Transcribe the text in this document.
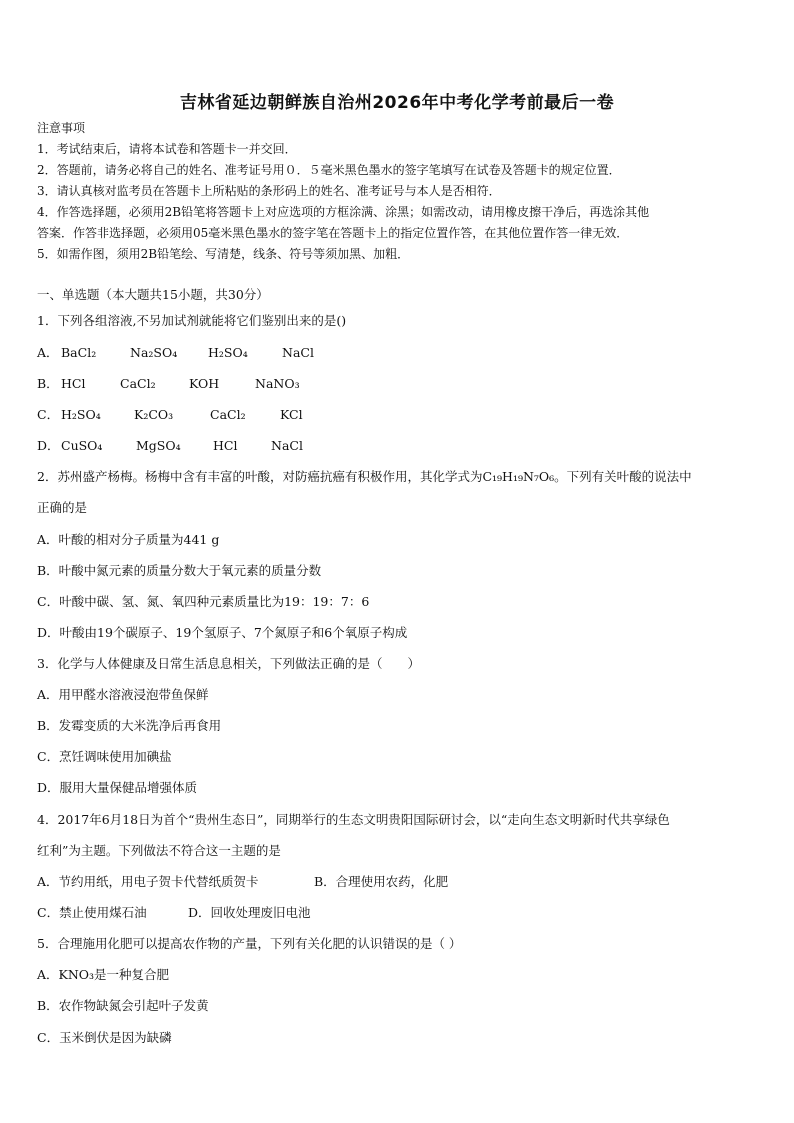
吉林省延边朝鲜族自治州2026年中考化学考前最后一卷
注意事项
1．考试结束后，请将本试卷和答题卡一并交回．
2．答题前，请务必将自己的姓名、准考证号用０．５毫米黑色墨水的签字笔填写在试卷及答题卡的规定位置．
3．请认真核对监考员在答题卡上所粘贴的条形码上的姓名、准考证号与本人是否相符．
4．作答选择题，必须用2B铅笔将答题卡上对应选项的方框涂满、涂黑；如需改动，请用橡皮擦干净后，再选涂其他
答案．作答非选择题，必须用05毫米黑色墨水的签字笔在答题卡上的指定位置作答，在其他位置作答一律无效．
5．如需作图，须用2B铅笔绘、写清楚，线条、符号等须加黑、加粗．
一、单选题（本大题共15小题，共30分）
1．下列各组溶液,不另加试剂就能将它们鉴别出来的是()
A． BaCl₂	Na₂SO₄ H₂SO₄	NaCl
B． HCl	CaCl₂	KOH	NaNO₃
C． H₂SO₄	K₂CO₃	CaCl₂	KCl
D．CuSO₄	MgSO₄	HCl	NaCl
2．苏州盛产杨梅。杨梅中含有丰富的叶酸，对防癌抗癌有积极作用，其化学式为C₁₉H₁₉N₇O₆。下列有关叶酸的说法中
正确的是
A．叶酸的相对分子质量为441 g
B．叶酸中氮元素的质量分数大于氧元素的质量分数
C．叶酸中碳、氢、氮、氧四种元素质量比为19：19：7：6
D．叶酸由19个碳原子、19个氢原子、7个氮原子和6个氧原子构成
3．化学与人体健康及日常生活息息相关，下列做法正确的是（　　）
A．用甲醛水溶液浸泡带鱼保鲜
B．发霉变质的大米洗净后再食用
C．烹饪调味使用加碘盐
D．服用大量保健品增强体质
4．2017年6月18日为首个“贵州生态日”，同期举行的生态文明贵阳国际研讨会，以“走向生态文明新时代共享绿色
红利”为主题。下列做法不符合这一主题的是
A．节约用纸，用电子贺卡代替纸质贺卡	B．合理使用农药，化肥
C．禁止使用煤石油	D．回收处理废旧电池
5．合理施用化肥可以提高农作物的产量，下列有关化肥的认识错误的是（ ）
A．KNO₃是一种复合肥
B．农作物缺氮会引起叶子发黄
C．玉米倒伏是因为缺磷
